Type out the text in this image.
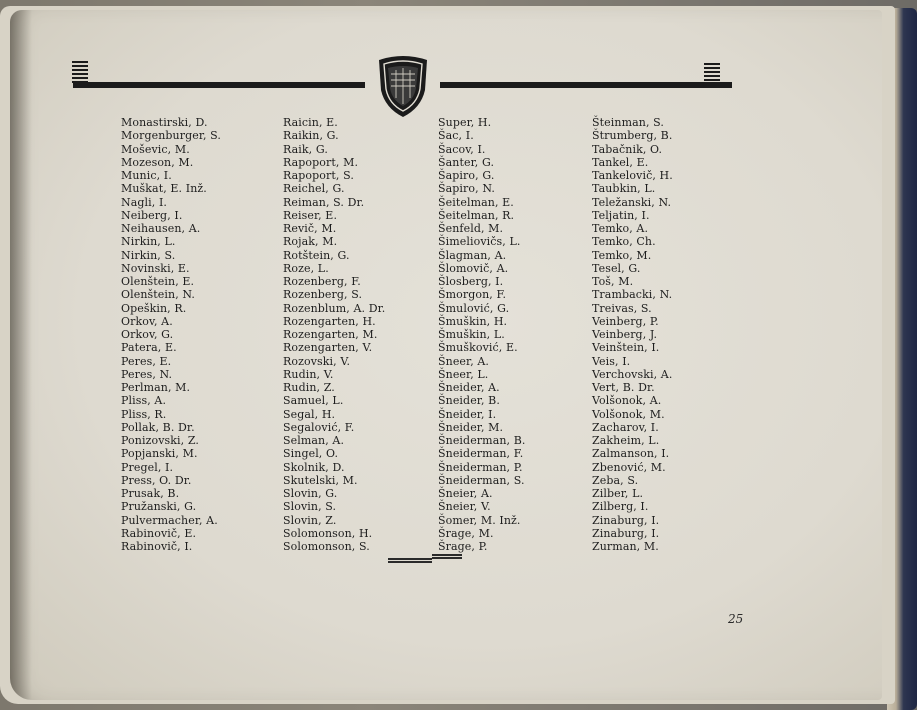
Monastirski, D.
Morgenburger, S.
Moševic, M.
Mozeson, M.
Munic, I.
Muškat, E. Inž.
Nagli, I.
Neiberg, I.
Neihausen, A.
Nirkin, L.
Nirkin, S.
Novinski, E.
Olenštein, E.
Olenštein, N.
Opeškin, R.
Orkov, A.
Orkov, G.
Patera, E.
Peres, E.
Peres, N.
Perlman, M.
Pliss, A.
Pliss, R.
Pollak, B. Dr.
Ponizovski, Z.
Popjanski, M.
Pregel, I.
Press, O. Dr.
Prusak, B.
Pružanski, G.
Pulvermacher, A.
Rabinovič, E.
Rabinovič, I.
Raicin, E.
Raikin, G.
Raik, G.
Rapoport, M.
Rapoport, S.
Reichel, G.
Reiman, S. Dr.
Reiser, E.
Revič, M.
Rojak, M.
Rotštein, G.
Roze, L.
Rozenberg, F.
Rozenberg, S.
Rozenblum, A. Dr.
Rozengarten, H.
Rozengarten, M.
Rozengarten, V.
Rozovski, V.
Rudin, V.
Rudin, Z.
Samuel, L.
Segal, H.
Segalović, F.
Selman, A.
Singel, O.
Skolnik, D.
Skutelski, M.
Slovin, G.
Slovin, S.
Slovin, Z.
Solomonson, H.
Solomonson, S.
Super, H.
Šac, I.
Šacov, I.
Šanter, G.
Šapiro, G.
Šapiro, N.
Šeitelman, E.
Šeitelman, R.
Šenfeld, M.
Šimeliovičs, L.
Šlagman, A.
Šlomovič, A.
Šlosberg, I.
Šmorgon, F.
Šmulović, G.
Šmuškin, H.
Šmuškin, L.
Šmušković, E.
Šneer, A.
Šneer, L.
Šneider, A.
Šneider, B.
Šneider, I.
Šneider, M.
Šneiderman, B.
Šneiderman, F.
Šneiderman, P.
Šneiderman, S.
Šneier, A.
Šneier, V.
Šomer, M. Inž.
Šrage, M.
Šrage, P.
Šteinman, S.
Štrumberg, B.
Tabačnik, O.
Tankel, E.
Tankelovič, H.
Taubkin, L.
Teležanski, N.
Teljatin, I.
Temko, A.
Temko, Ch.
Temko, M.
Tesel, G.
Toš, M.
Trambacki, N.
Treivas, S.
Veinberg, P.
Veinberg, J.
Veinštein, I.
Veis, I.
Verchovski, A.
Vert, B. Dr.
Volšonok, A.
Volšonok, M.
Zacharov, I.
Zakheim, L.
Zalmanson, I.
Zbenović, M.
Zeba, S.
Zilber, L.
Zilberg, I.
Zinaburg, I.
Zinaburg, I.
Zurman, M.
25
